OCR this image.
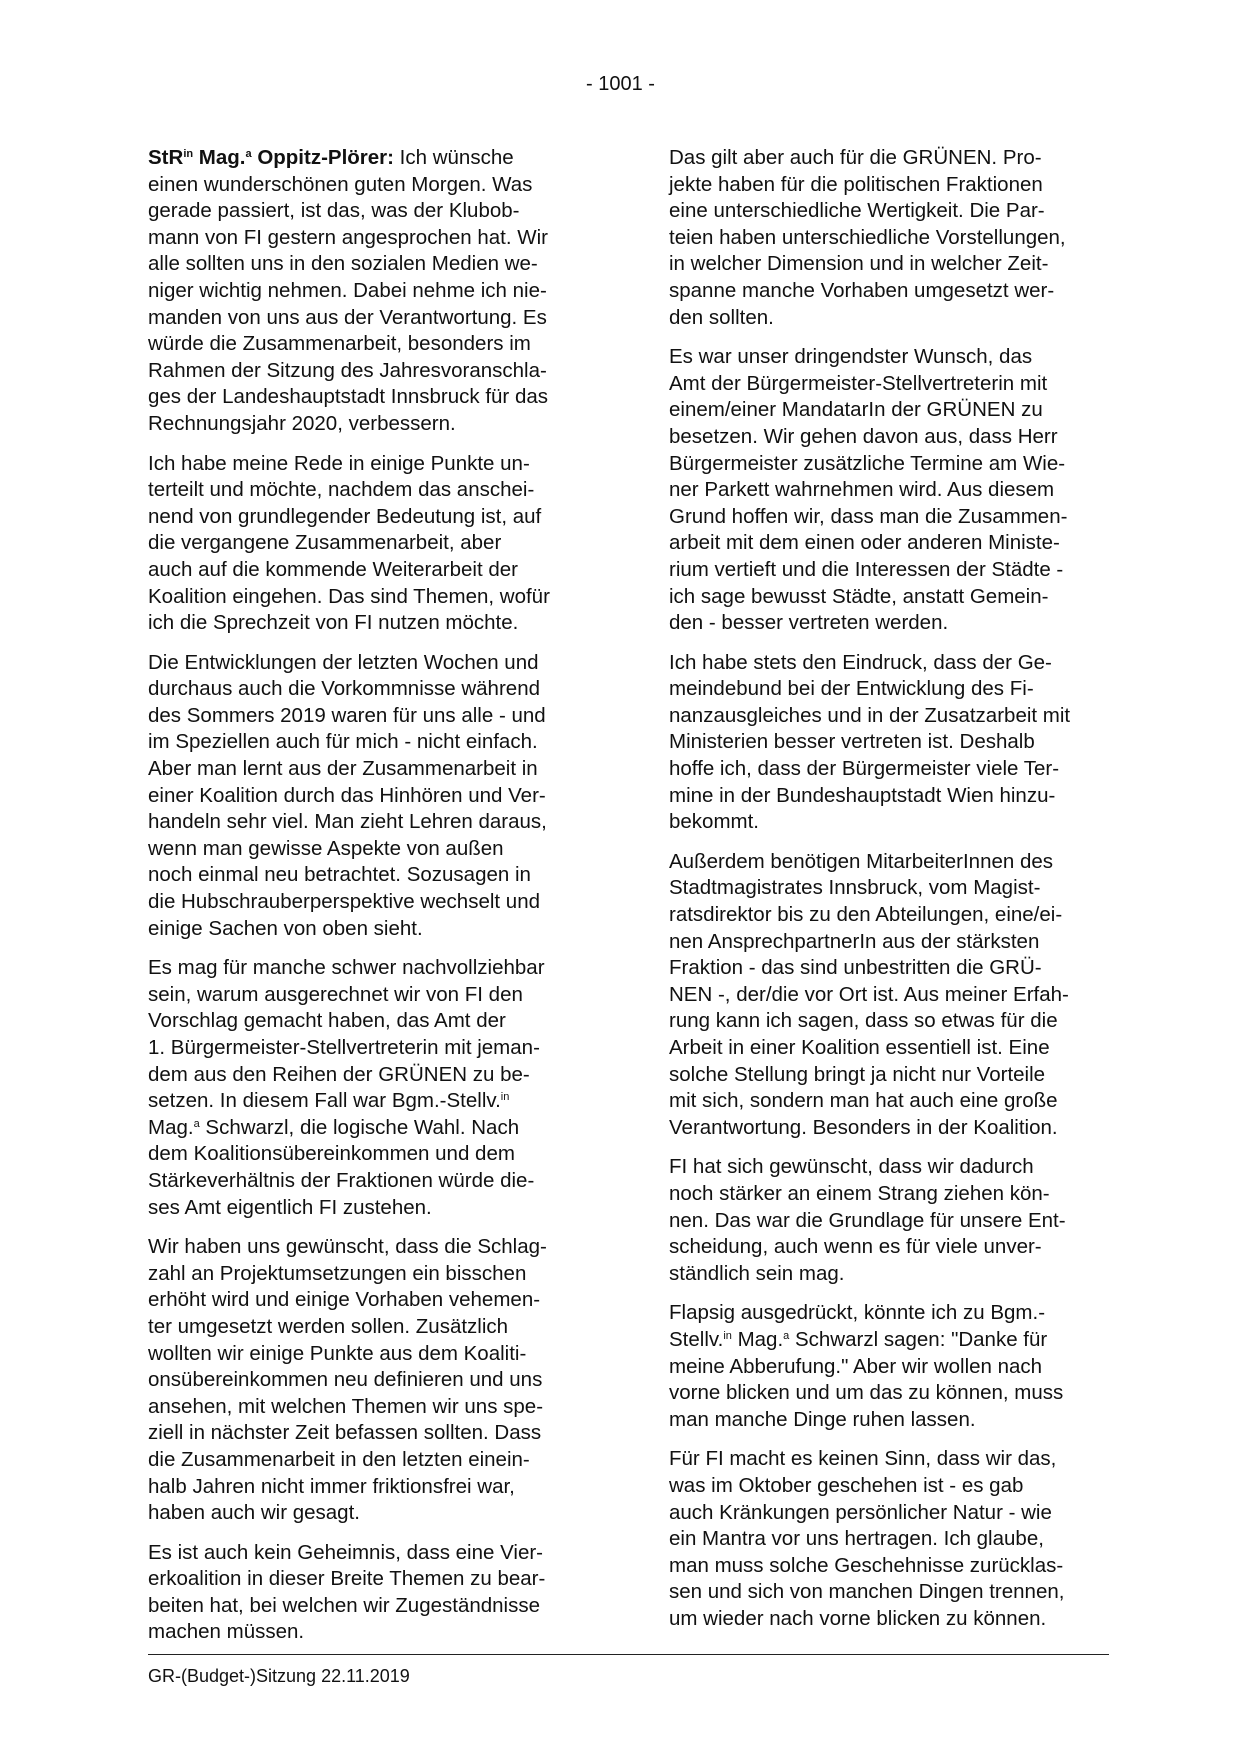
- 1001 -

StR$^{in}$ Mag.$^a$ Oppitz-Plörer: Ich wünsche
einen wunderschönen guten Morgen. Was
gerade passiert, ist das, was der Klubob-
mann von FI gestern angesprochen hat. Wir
alle sollten uns in den sozialen Medien we-
niger wichtig nehmen. Dabei nehme ich nie-
manden von uns aus der Verantwortung. Es
würde die Zusammenarbeit, besonders im
Rahmen der Sitzung des Jahresvoranschla-
ges der Landeshauptstadt Innsbruck für das
Rechnungsjahr 2020, verbessern.

Ich habe meine Rede in einige Punkte un-
terteilt und möchte, nachdem das anschei-
nend von grundlegender Bedeutung ist, auf
die vergangene Zusammenarbeit, aber
auch auf die kommende Weiterarbeit der
Koalition eingehen. Das sind Themen, wofür
ich die Sprechzeit von FI nutzen möchte.

Die Entwicklungen der letzten Wochen und
durchaus auch die Vorkommnisse während
des Sommers 2019 waren für uns alle - und
im Speziellen auch für mich - nicht einfach.
Aber man lernt aus der Zusammenarbeit in
einer Koalition durch das Hinhören und Ver-
handeln sehr viel. Man zieht Lehren daraus,
wenn man gewisse Aspekte von außen
noch einmal neu betrachtet. Sozusagen in
die Hubschrauberperspektive wechselt und
einige Sachen von oben sieht.

Es mag für manche schwer nachvollziehbar
sein, warum ausgerechnet wir von FI den
Vorschlag gemacht haben, das Amt der
1. Bürgermeister-Stellvertreterin mit jeman-
dem aus den Reihen der GRÜNEN zu be-
setzen. In diesem Fall war Bgm.-Stellv.$^{in}$
Mag.$^a$ Schwarzl, die logische Wahl. Nach
dem Koalitionsübereinkommen und dem
Stärkeverhältnis der Fraktionen würde die-
ses Amt eigentlich FI zustehen.

Wir haben uns gewünscht, dass die Schlag-
zahl an Projektumsetzungen ein bisschen
erhöht wird und einige Vorhaben vehemen-
ter umgesetzt werden sollen. Zusätzlich
wollten wir einige Punkte aus dem Koaliti-
onsübereinkommen neu definieren und uns
ansehen, mit welchen Themen wir uns spe-
ziell in nächster Zeit befassen sollten. Dass
die Zusammenarbeit in den letzten einein-
halb Jahren nicht immer friktionsfrei war,
haben auch wir gesagt.

Es ist auch kein Geheimnis, dass eine Vier-
erkoalition in dieser Breite Themen zu bear-
beiten hat, bei welchen wir Zugeständnisse
machen müssen.

Das gilt aber auch für die GRÜNEN. Pro-
jekte haben für die politischen Fraktionen
eine unterschiedliche Wertigkeit. Die Par-
teien haben unterschiedliche Vorstellungen,
in welcher Dimension und in welcher Zeit-
spanne manche Vorhaben umgesetzt wer-
den sollten.

Es war unser dringendster Wunsch, das
Amt der Bürgermeister-Stellvertreterin mit
einem/einer MandatarIn der GRÜNEN zu
besetzen. Wir gehen davon aus, dass Herr
Bürgermeister zusätzliche Termine am Wie-
ner Parkett wahrnehmen wird. Aus diesem
Grund hoffen wir, dass man die Zusammen-
arbeit mit dem einen oder anderen Ministe-
rium vertieft und die Interessen der Städte -
ich sage bewusst Städte, anstatt Gemein-
den - besser vertreten werden.

Ich habe stets den Eindruck, dass der Ge-
meindebund bei der Entwicklung des Fi-
nanzausgleiches und in der Zusatzarbeit mit
Ministerien besser vertreten ist. Deshalb
hoffe ich, dass der Bürgermeister viele Ter-
mine in der Bundeshauptstadt Wien hinzu-
bekommt.

Außerdem benötigen MitarbeiterInnen des
Stadtmagistrates Innsbruck, vom Magist-
ratsdirektor bis zu den Abteilungen, eine/ei-
nen AnsprechpartnerIn aus der stärksten
Fraktion - das sind unbestritten die GRÜ-
NEN -, der/die vor Ort ist. Aus meiner Erfah-
rung kann ich sagen, dass so etwas für die
Arbeit in einer Koalition essentiell ist. Eine
solche Stellung bringt ja nicht nur Vorteile
mit sich, sondern man hat auch eine große
Verantwortung. Besonders in der Koalition.

FI hat sich gewünscht, dass wir dadurch
noch stärker an einem Strang ziehen kön-
nen. Das war die Grundlage für unsere Ent-
scheidung, auch wenn es für viele unver-
ständlich sein mag.

Flapsig ausgedrückt, könnte ich zu Bgm.-
Stellv.$^{in}$ Mag.$^a$ Schwarzl sagen: "Danke für
meine Abberufung." Aber wir wollen nach
vorne blicken und um das zu können, muss
man manche Dinge ruhen lassen.

Für FI macht es keinen Sinn, dass wir das,
was im Oktober geschehen ist - es gab
auch Kränkungen persönlicher Natur - wie
ein Mantra vor uns hertragen. Ich glaube,
man muss solche Geschehnisse zurücklas-
sen und sich von manchen Dingen trennen,
um wieder nach vorne blicken zu können.

GR-(Budget-)Sitzung 22.11.2019
